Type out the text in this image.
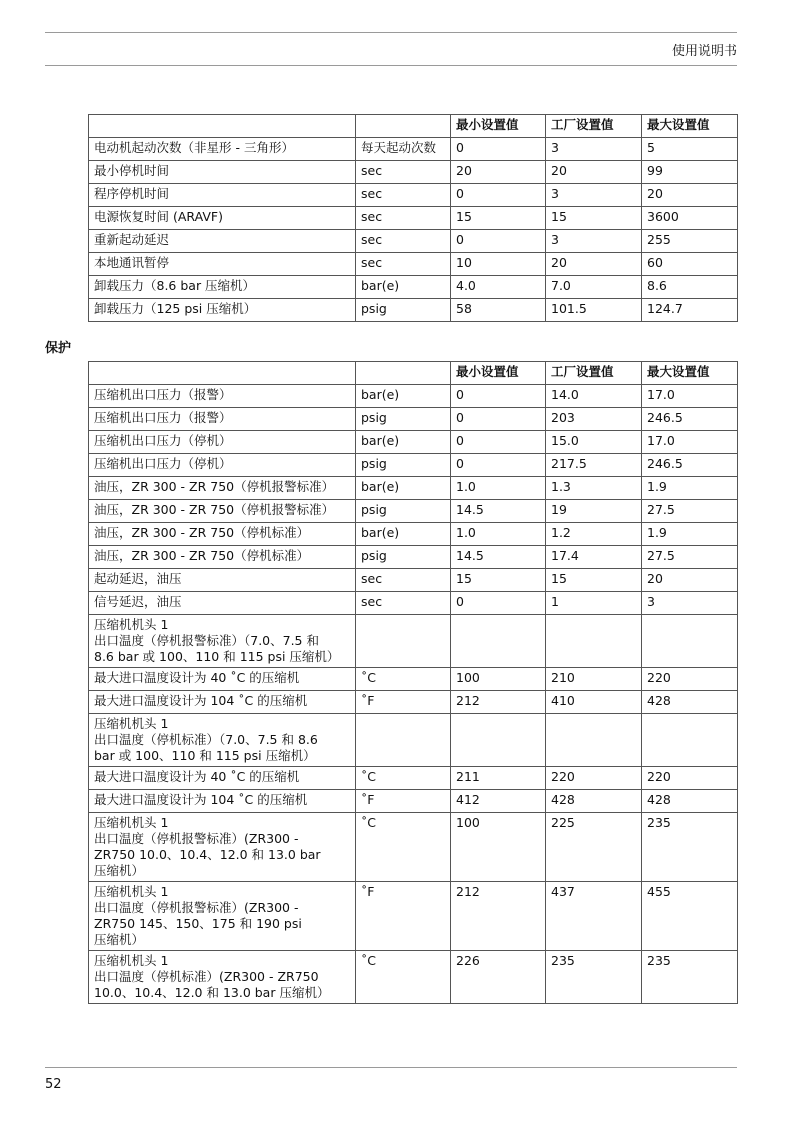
使用说明书
		最小设置值	工厂设置值	最大设置值
电动机起动次数（非星形 - 三角形）	每天起动次数	0	3	5
最小停机时间	sec	20	20	99
程序停机时间	sec	0	3	20
电源恢复时间 (ARAVF)	sec	15	15	3600
重新起动延迟	sec	0	3	255
本地通讯暂停	sec	10	20	60
卸载压力（8.6 bar 压缩机）	bar(e)	4.0	7.0	8.6
卸载压力（125 psi 压缩机）	psig	58	101.5	124.7
保护
		最小设置值	工厂设置值	最大设置值
压缩机出口压力（报警）	bar(e)	0	14.0	17.0
压缩机出口压力（报警）	psig	0	203	246.5
压缩机出口压力（停机）	bar(e)	0	15.0	17.0
压缩机出口压力（停机）	psig	0	217.5	246.5
油压，ZR 300 - ZR 750（停机报警标准）	bar(e)	1.0	1.3	1.9
油压，ZR 300 - ZR 750（停机报警标准）	psig	14.5	19	27.5
油压，ZR 300 - ZR 750（停机标准）	bar(e)	1.0	1.2	1.9
油压，ZR 300 - ZR 750（停机标准）	psig	14.5	17.4	27.5
起动延迟，油压	sec	15	15	20
信号延迟，油压	sec	0	1	3
压缩机机头 1
出口温度（停机报警标准）（7.0、7.5 和
8.6 bar 或 100、110 和 115 psi 压缩机）				
最大进口温度设计为 40 ˚C 的压缩机	˚C	100	210	220
最大进口温度设计为 104 ˚C 的压缩机	˚F	212	410	428
压缩机机头 1
出口温度（停机标准）（7.0、7.5 和 8.6
bar 或 100、110 和 115 psi 压缩机）				
最大进口温度设计为 40 ˚C 的压缩机	˚C	211	220	220
最大进口温度设计为 104 ˚C 的压缩机	˚F	412	428	428
压缩机机头 1
出口温度（停机报警标准）(ZR300 -
ZR750 10.0、10.4、12.0 和 13.0 bar
压缩机）	˚C	100	225	235
压缩机机头 1
出口温度（停机报警标准）(ZR300 -
ZR750 145、150、175 和 190 psi
压缩机）	˚F	212	437	455
压缩机机头 1
出口温度（停机标准）(ZR300 - ZR750
10.0、10.4、12.0 和 13.0 bar 压缩机）	˚C	226	235	235
52
